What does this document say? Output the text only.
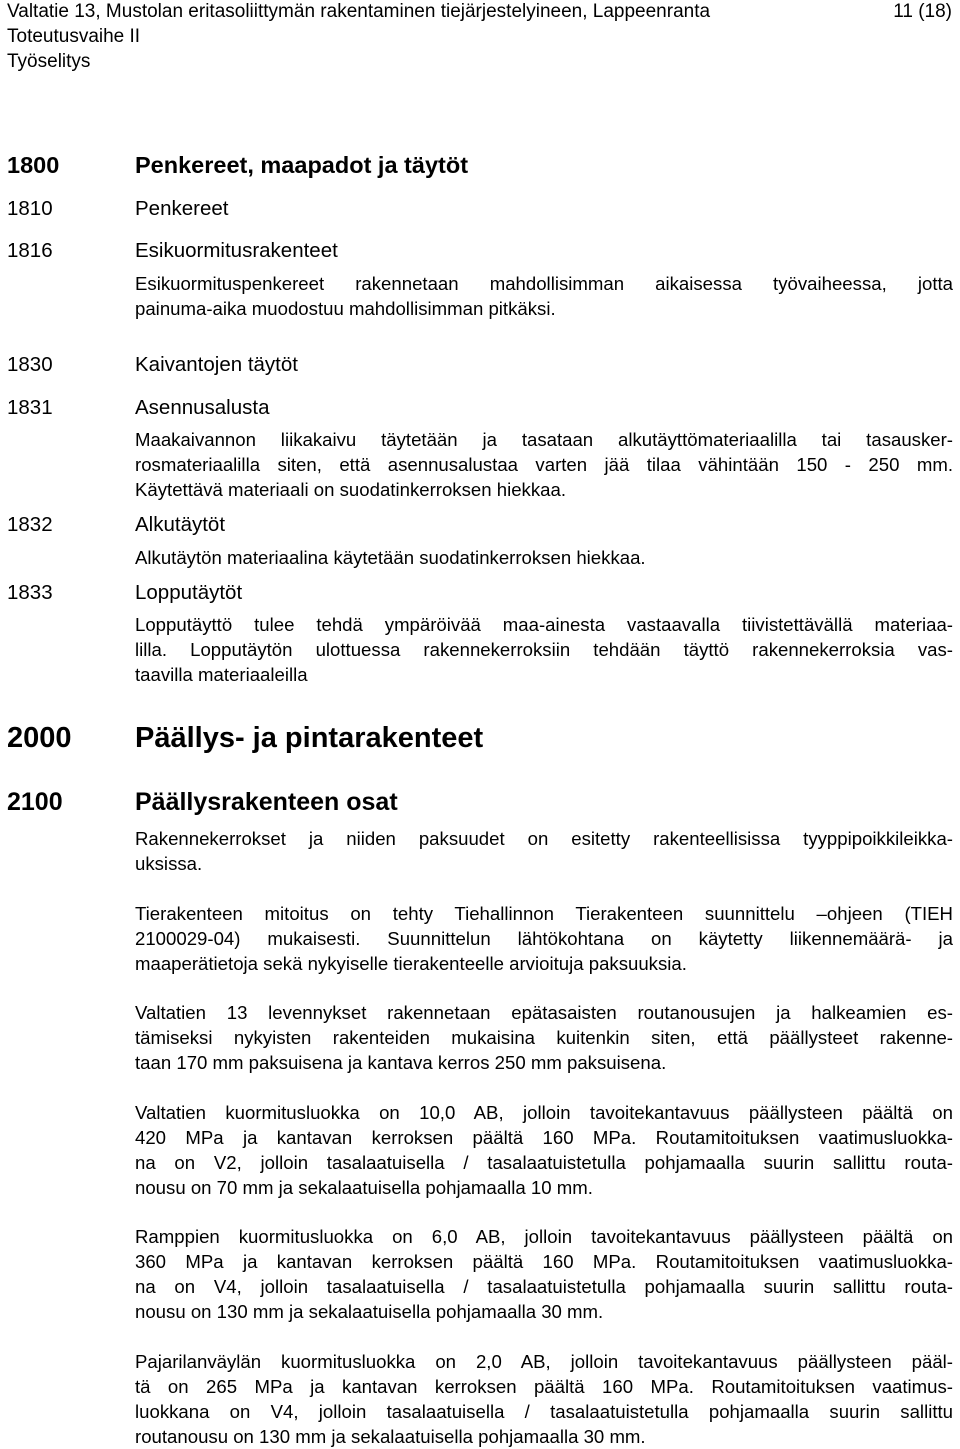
Valtatie 13, Mustolan eritasoliittymän rakentaminen tiejärjestelyineen, Lappeenranta	11 (18)
Toteutusvaihe II
Työselitys
1800	Penkereet, maapadot ja täytöt
1810	Penkereet
1816	Esikuormitusrakenteet
Esikuormituspenkereet rakennetaan mahdollisimman aikaisessa työvaiheessa, jotta
painuma-aika muodostuu mahdollisimman pitkäksi.
1830	Kaivantojen täytöt
1831	Asennusalusta
Maakaivannon liikakaivu täytetään ja tasataan alkutäyttömateriaalilla tai tasausker-
rosmateriaalilla siten, että asennusalustaa varten jää tilaa vähintään 150 - 250 mm.
Käytettävä materiaali on suodatinkerroksen hiekkaa.
1832	Alkutäytöt
Alkutäytön materiaalina käytetään suodatinkerroksen hiekkaa.
1833	Lopputäytöt
Lopputäyttö tulee tehdä ympäröivää maa-ainesta vastaavalla tiivistettävällä materiaa-
lilla. Lopputäytön ulottuessa rakennekerroksiin tehdään täyttö rakennekerroksia vas-
taavilla materiaaleilla
2000 Päällys- ja pintarakenteet
2100	Päällysrakenteen osat
Rakennekerrokset ja niiden paksuudet on esitetty rakenteellisissa tyyppipoikkileikka-
uksissa.
Tierakenteen mitoitus on tehty Tiehallinnon Tierakenteen suunnittelu –ohjeen (TIEH
2100029-04) mukaisesti. Suunnittelun lähtökohtana on käytetty liikennemäärä- ja
maaperätietoja sekä nykyiselle tierakenteelle arvioituja paksuuksia.
Valtatien 13 levennykset rakennetaan epätasaisten routanousujen ja halkeamien es-
tämiseksi nykyisten rakenteiden mukaisina kuitenkin siten, että päällysteet rakenne-
taan 170 mm paksuisena ja kantava kerros 250 mm paksuisena.
Valtatien kuormitusluokka on 10,0 AB, jolloin tavoitekantavuus päällysteen päältä on
420 MPa ja kantavan kerroksen päältä 160 MPa. Routamitoituksen vaatimusluokka-
na on V2, jolloin tasalaatuisella / tasalaatuistetulla pohjamaalla suurin sallittu routa-
nousu on 70 mm ja sekalaatuisella pohjamaalla 10 mm.
Ramppien kuormitusluokka on 6,0 AB, jolloin tavoitekantavuus päällysteen päältä on
360 MPa ja kantavan kerroksen päältä 160 MPa. Routamitoituksen vaatimusluokka-
na on V4, jolloin tasalaatuisella / tasalaatuistetulla pohjamaalla suurin sallittu routa-
nousu on 130 mm ja sekalaatuisella pohjamaalla 30 mm.
Pajarilanväylän kuormitusluokka on 2,0 AB, jolloin tavoitekantavuus päällysteen pääl-
tä on 265 MPa ja kantavan kerroksen päältä 160 MPa. Routamitoituksen vaatimus-
luokkana on V4, jolloin tasalaatuisella / tasalaatuistetulla pohjamaalla suurin sallittu
routanousu on 130 mm ja sekalaatuisella pohjamaalla 30 mm.
